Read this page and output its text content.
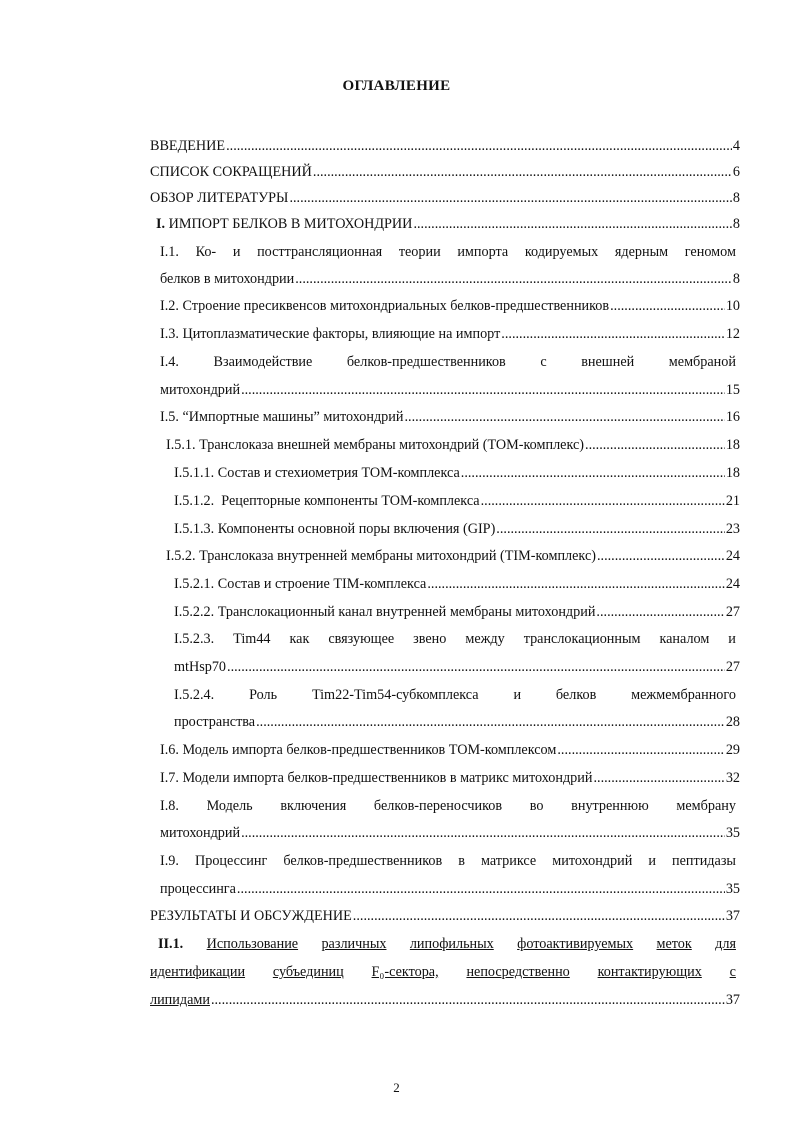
ОГЛАВЛЕНИЕ
ВВЕДЕНИЕ .....	4
СПИСОК СОКРАЩЕНИЙ .....	6
ОБЗОР ЛИТЕРАТУРЫ .....	8
I. ИМПОРТ БЕЛКОВ В МИТОХОНДРИИ .....	8
I.1. Ко- и посттрансляционная теории импорта кодируемых ядерным геномом
белков в митохондрии .....	8
I.2. Строение пресиквенсов митохондриальных белков-предшественников .....	10
I.3. Цитоплазматические факторы, влияющие на импорт .....	12
I.4. Взаимодействие белков-предшественников с внешней мембраной
митохондрий .....	15
I.5. “Импортные машины” митохондрий .....	16
I.5.1. Транслоказа внешней мембраны митохондрий (TOM-комплекс) .....	18
I.5.1.1. Состав и стехиометрия TOM-комплекса .....	18
I.5.1.2.  Рецепторные компоненты TOM-комплекса .....	21
I.5.1.3. Компоненты основной поры включения (GIP) .....	23
I.5.2. Транслоказа внутренней мембраны митохондрий (TIM-комплекс) .....	24
I.5.2.1. Состав и строение TIM-комплекса .....	24
I.5.2.2. Транслокационный канал внутренней мембраны митохондрий .....	27
I.5.2.3. Tim44 как связующее звено между транслокационным каналом и
mtHsp70 .....	27
I.5.2.4. Роль Tim22-Tim54-субкомплекса и белков межмембранного
пространства .....	28
I.6. Модель импорта белков-предшественников TOM-комплексом .....	29
I.7. Модели импорта белков-предшественников в матрикс митохондрий .....	32
I.8. Модель включения белков-переносчиков во внутреннюю мембрану
митохондрий .....	35
I.9. Процессинг белков-предшественников в матриксе митохондрий и пептидазы
процессинга .....	35
РЕЗУЛЬТАТЫ И ОБСУЖДЕНИЕ .....	37
II.1. Использование различных липофильных фотоактивируемых меток для
идентификации субъединиц F₀-сектора, непосредственно контактирующих с
липидами .....	37
2
